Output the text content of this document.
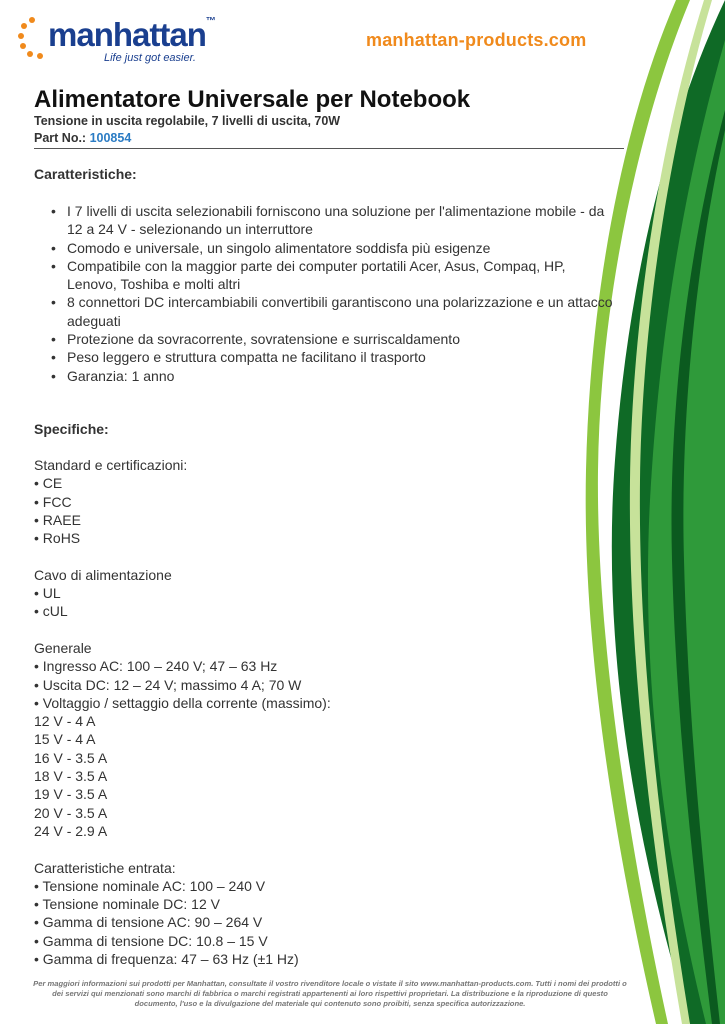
manhattan™
Life just got easier.
manhattan-products.com
Alimentatore Universale per Notebook
Tensione in uscita regolabile, 7 livelli di uscita, 70W
Part No.: 100854
Caratteristiche:
• I 7 livelli di uscita selezionabili forniscono una soluzione per l'alimentazione mobile - da 12 a 24 V - selezionando un interruttore
• Comodo e universale, un singolo alimentatore soddisfa più esigenze
• Compatibile con la maggior parte dei computer portatili Acer, Asus, Compaq, HP, Lenovo, Toshiba e molti altri
• 8 connettori DC intercambiabili convertibili garantiscono una polarizzazione e un attacco adeguati
• Protezione da sovracorrente, sovratensione e surriscaldamento
• Peso leggero e struttura compatta ne facilitano il trasporto
• Garanzia: 1 anno
Specifiche:
Standard e certificazioni:
• CE
• FCC
• RAEE
• RoHS
Cavo di alimentazione
• UL
• cUL
Generale
• Ingresso AC: 100 – 240 V; 47 – 63 Hz
• Uscita DC: 12 – 24 V; massimo 4 A; 70 W
• Voltaggio / settaggio della corrente (massimo):
12 V - 4 A
15 V - 4 A
16 V - 3.5 A
18 V - 3.5 A
19 V - 3.5 A
20 V - 3.5 A
24 V - 2.9 A
Caratteristiche entrata:
• Tensione nominale AC: 100 – 240 V
• Tensione nominale DC: 12 V
• Gamma di tensione AC: 90 – 264 V
• Gamma di tensione DC: 10.8 – 15 V
• Gamma di frequenza: 47 – 63 Hz (±1 Hz)
Per maggiori informazioni sui prodotti per Manhattan, consultate il vostro rivenditore locale o vistate il sito www.manhattan-products.com. Tutti i nomi dei prodotti o dei servizi qui menzionati sono marchi di fabbrica o marchi registrati appartenenti ai loro rispettivi proprietari. La distribuzione e la riproduzione di questo documento, l'uso e la divulgazione del materiale qui contenuto sono proibiti, senza specifica autorizzazione.
